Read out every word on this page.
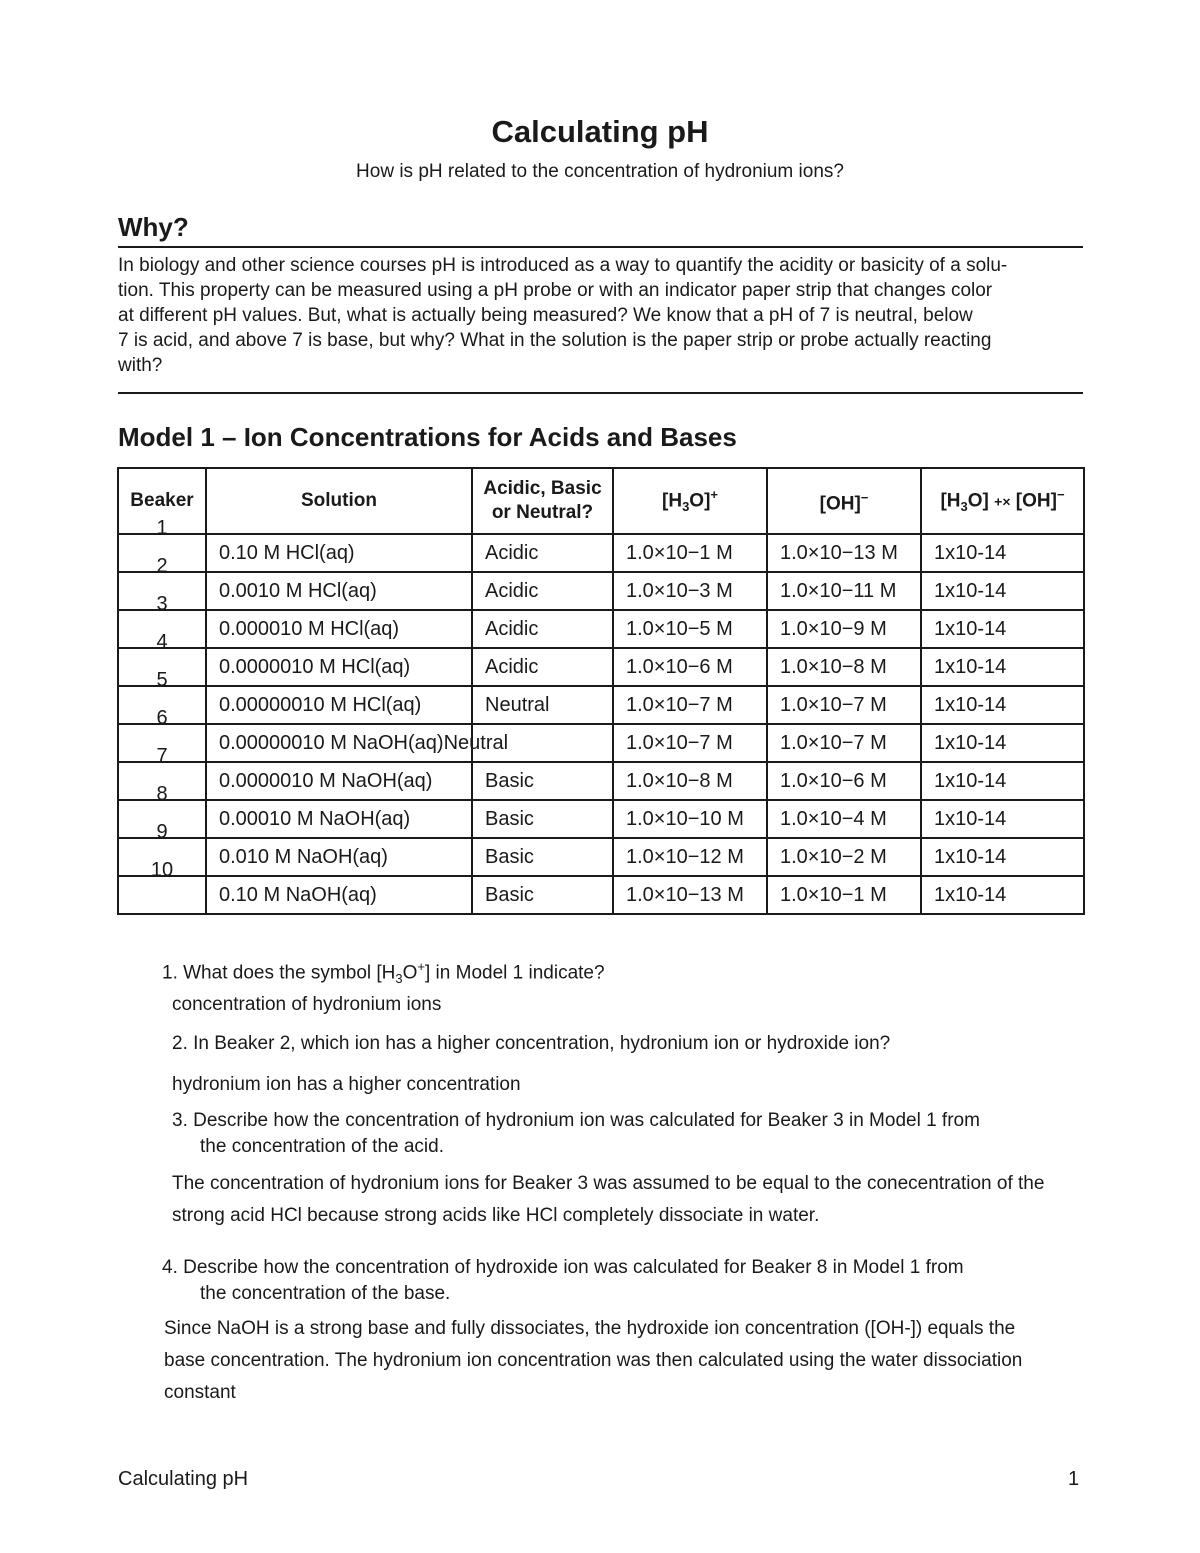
Calculating pH
How is pH related to the concentration of hydronium ions?
Why?
In biology and other science courses pH is introduced as a way to quantify the acidity or basicity of a solu-
tion. This property can be measured using a pH probe or with an indicator paper strip that changes color
at different pH values. But, what is actually being measured? We know that a pH of 7 is neutral, below
7 is acid, and above 7 is base, but why? What in the solution is the paper strip or probe actually reacting
with?
Model 1 – Ion Concentrations for Acids and Bases
Beaker	Solution	Acidic, Basic
or Neutral?	$[H_3O]^+$	[OH]−	$[H_3O] +\times [OH]^-$

1	0.10 M HCl(aq)	Acidic	1.0×10−1 M	1.0×10−13 M	1x10-14

2	0.0010 M HCl(aq)	Acidic	1.0×10−3 M	1.0×10−11 M	1x10-14

3	0.000010 M HCl(aq)	Acidic	1.0×10−5 M	1.0×10−9 M	1x10-14

4	0.0000010 M HCl(aq)	Acidic	1.0×10−6 M	1.0×10−8 M	1x10-14

5	0.00000010 M HCl(aq)	Neutral	1.0×10−7 M	1.0×10−7 M	1x10-14

6	0.00000010 M NaOH(aq)Neutral		1.0×10−7 M	1.0×10−7 M	1x10-14

7	0.0000010 M NaOH(aq)	Basic	1.0×10−8 M	1.0×10−6 M	1x10-14

8	0.00010 M NaOH(aq)	Basic	1.0×10−10 M	1.0×10−4 M	1x10-14

9	0.010 M NaOH(aq)	Basic	1.0×10−12 M	1.0×10−2 M	1x10-14

10	0.10 M NaOH(aq)	Basic	1.0×10−13 M	1.0×10−1 M	1x10-14
1. What does the symbol $[H_3O^+]$ in Model 1 indicate?
concentration of hydronium ions
2. In Beaker 2, which ion has a higher concentration, hydronium ion or hydroxide ion?
hydronium ion has a higher concentration
3. Describe how the concentration of hydronium ion was calculated for Beaker 3 in Model 1 from
the concentration of the acid.
The concentration of hydronium ions for Beaker 3 was assumed to be equal to the conecentration of the
strong acid HCl because strong acids like HCl completely dissociate in water.
4. Describe how the concentration of hydroxide ion was calculated for Beaker 8 in Model 1 from
the concentration of the base.
Since NaOH is a strong base and fully dissociates, the hydroxide ion concentration ([OH-]) equals the
base concentration. The hydronium ion concentration was then calculated using the water dissociation
constant
Calculating pH	1
